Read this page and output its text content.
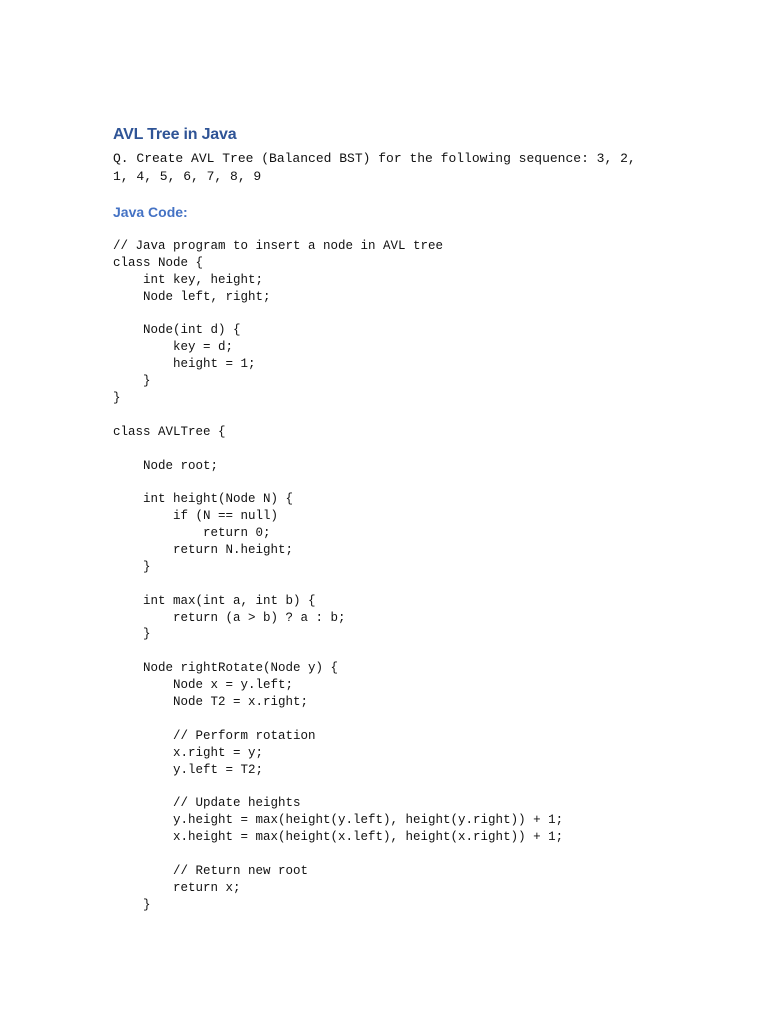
AVL Tree in Java

Q. Create AVL Tree (Balanced BST) for the following sequence: 3, 2, 1, 4, 5, 6, 7, 8, 9

Java Code:
// Java program to insert a node in AVL tree
class Node {
int key, height;
Node left, right;
Node(int d) {
key = d;
height = 1;
}
}
class AVLTree {
Node root;
int height(Node N) {
if (N == null)
return 0;
return N.height;
}
int max(int a, int b) {
return (a > b) ? a : b;
}
Node rightRotate(Node y) {
Node x = y.left;
Node T2 = x.right;
// Perform rotation
x.right = y;
y.left = T2;
// Update heights
y.height = max(height(y.left), height(y.right)) + 1;
x.height = max(height(x.left), height(x.right)) + 1;
// Return new root
return x;
}
